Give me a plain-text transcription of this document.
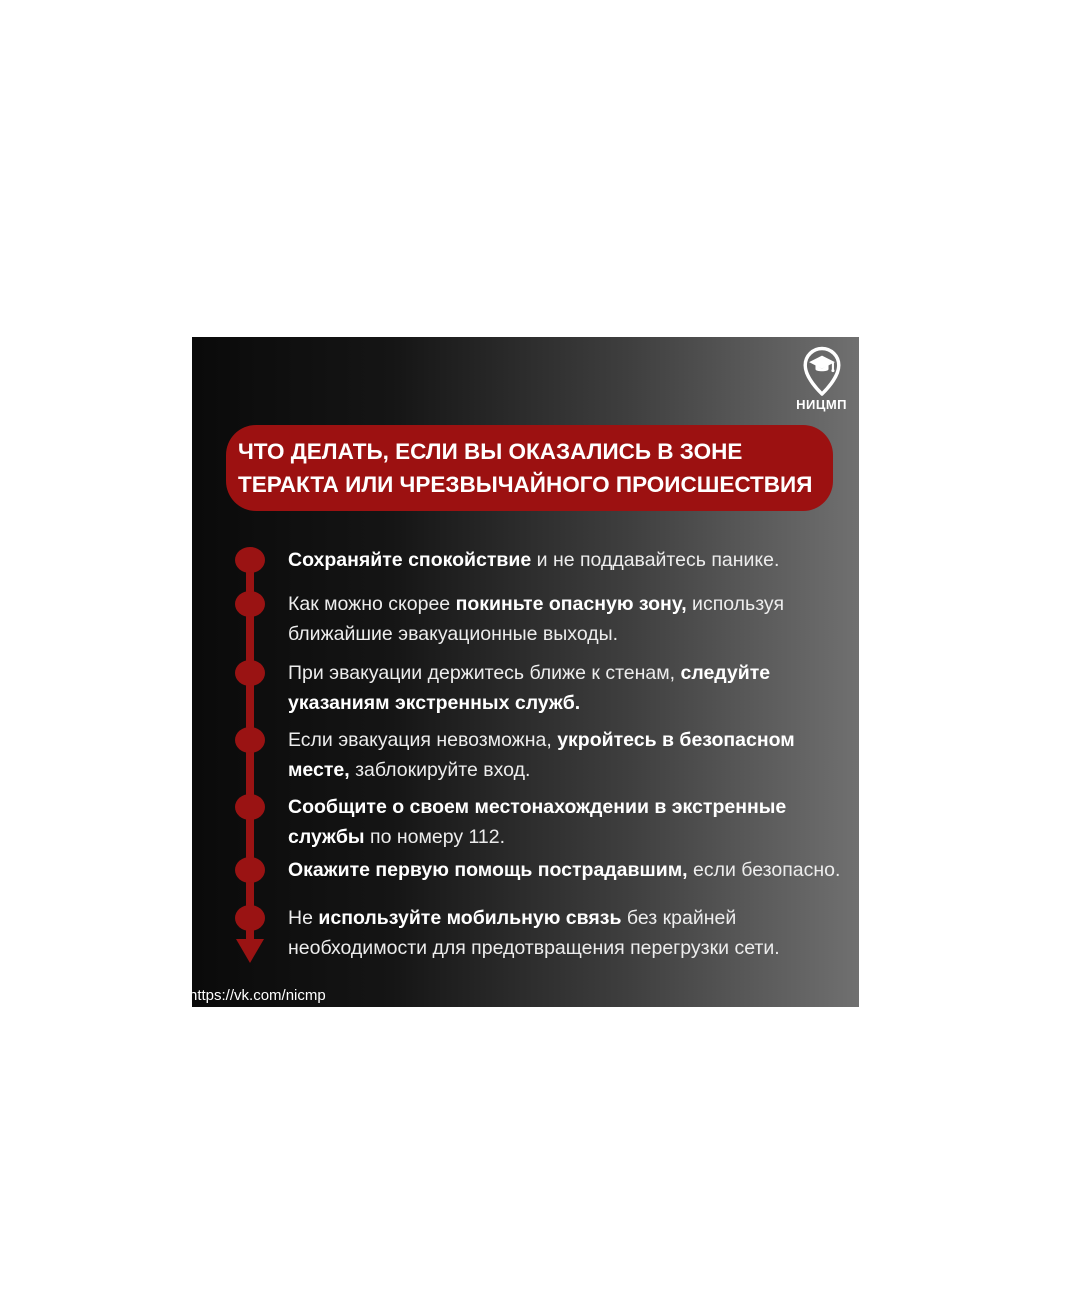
НИЦМП
ЧТО ДЕЛАТЬ, ЕСЛИ ВЫ ОКАЗАЛИСЬ В ЗОНЕ
ТЕРАКТА ИЛИ ЧРЕЗВЫЧАЙНОГО ПРОИСШЕСТВИЯ
Сохраняйте спокойствие и не поддавайтесь панике.
Как можно скорее покиньте опасную зону, используя
ближайшие эвакуационные выходы.
При эвакуации держитесь ближе к стенам, следуйте
указаниям экстренных служб.
Если эвакуация невозможна, укройтесь в безопасном
месте, заблокируйте вход.
Сообщите о своем местонахождении в экстренные
службы по номеру 112.
Окажите первую помощь пострадавшим, если безопасно.
Не используйте мобильную связь без крайней
необходимости для предотвращения перегрузки сети.
https://vk.com/nicmp
